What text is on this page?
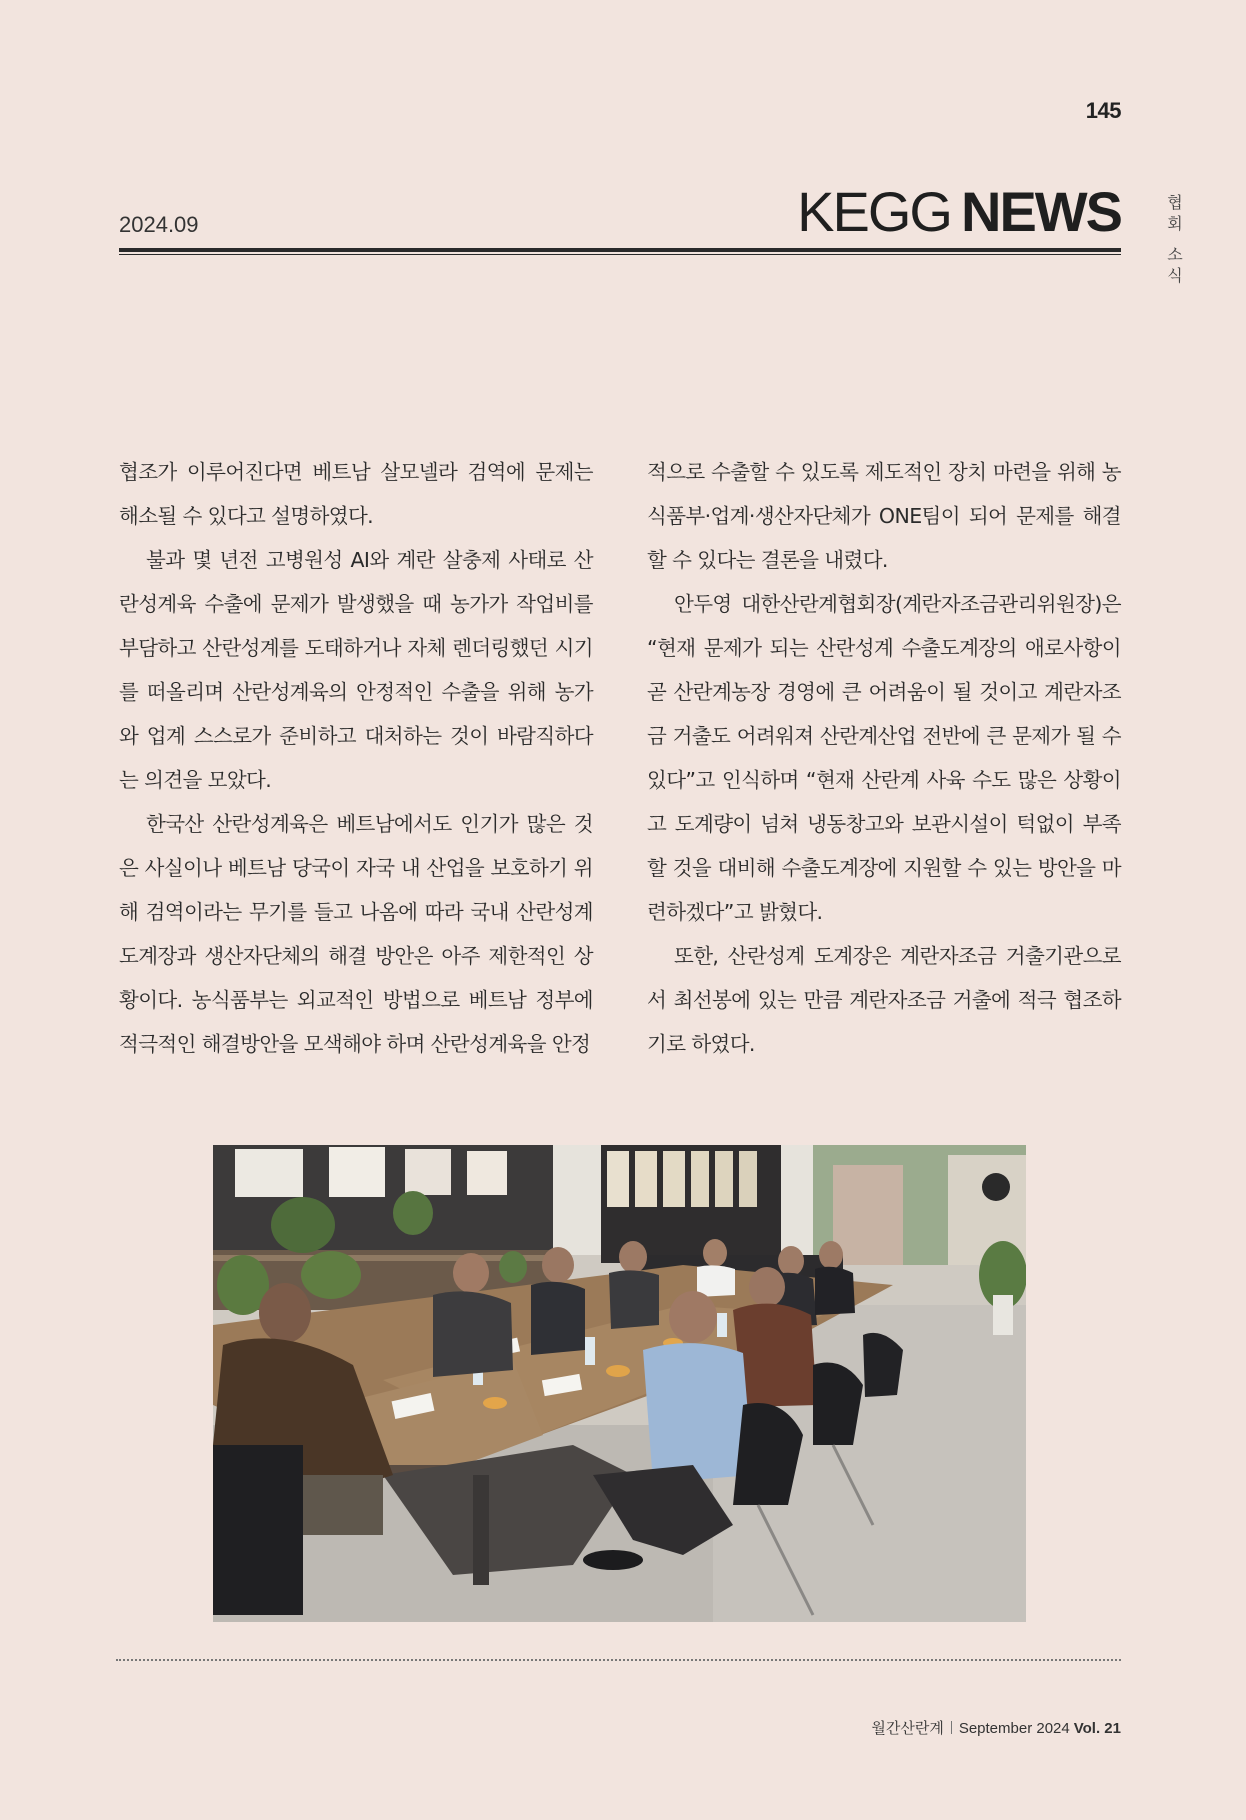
145
2024.09	KEGG NEWS	협
회
소
식

협조가 이루어진다면 베트남 살모넬라 검역에 문제는 해소될 수 있다고 설명하였다.

불과 몇 년전 고병원성 AI와 계란 살충제 사태로 산란성계육 수출에 문제가 발생했을 때 농가가 작업비를 부담하고 산란성계를 도태하거나 자체 렌더링했던 시기를 떠올리며 산란성계육의 안정적인 수출을 위해 농가와 업계 스스로가 준비하고 대처하는 것이 바람직하다는 의견을 모았다.

한국산 산란성계육은 베트남에서도 인기가 많은 것은 사실이나 베트남 당국이 자국 내 산업을 보호하기 위해 검역이라는 무기를 들고 나옴에 따라 국내 산란성계 도계장과 생산자단체의 해결 방안은 아주 제한적인 상황이다. 농식품부는 외교적인 방법으로 베트남 정부에 적극적인 해결방안을 모색해야 하며 산란성계육을 안정

적으로 수출할 수 있도록 제도적인 장치 마련을 위해 농식품부·업계·생산자단체가 ONE팀이 되어 문제를 해결할 수 있다는 결론을 내렸다.

안두영 대한산란계협회장(계란자조금관리위원장)은 “현재 문제가 되는 산란성계 수출도계장의 애로사항이 곧 산란계농장 경영에 큰 어려움이 될 것이고 계란자조금 거출도 어려워져 산란계산업 전반에 큰 문제가 될 수 있다”고 인식하며 “현재 산란계 사육 수도 많은 상황이고 도계량이 넘쳐 냉동창고와 보관시설이 턱없이 부족할 것을 대비해 수출도계장에 지원할 수 있는 방안을 마련하겠다”고 밝혔다.

또한, 산란성계 도계장은 계란자조금 거출기관으로서 최선봉에 있는 만큼 계란자조금 거출에 적극 협조하기로 하였다.

월간산란계 September 2024 Vol. 21
